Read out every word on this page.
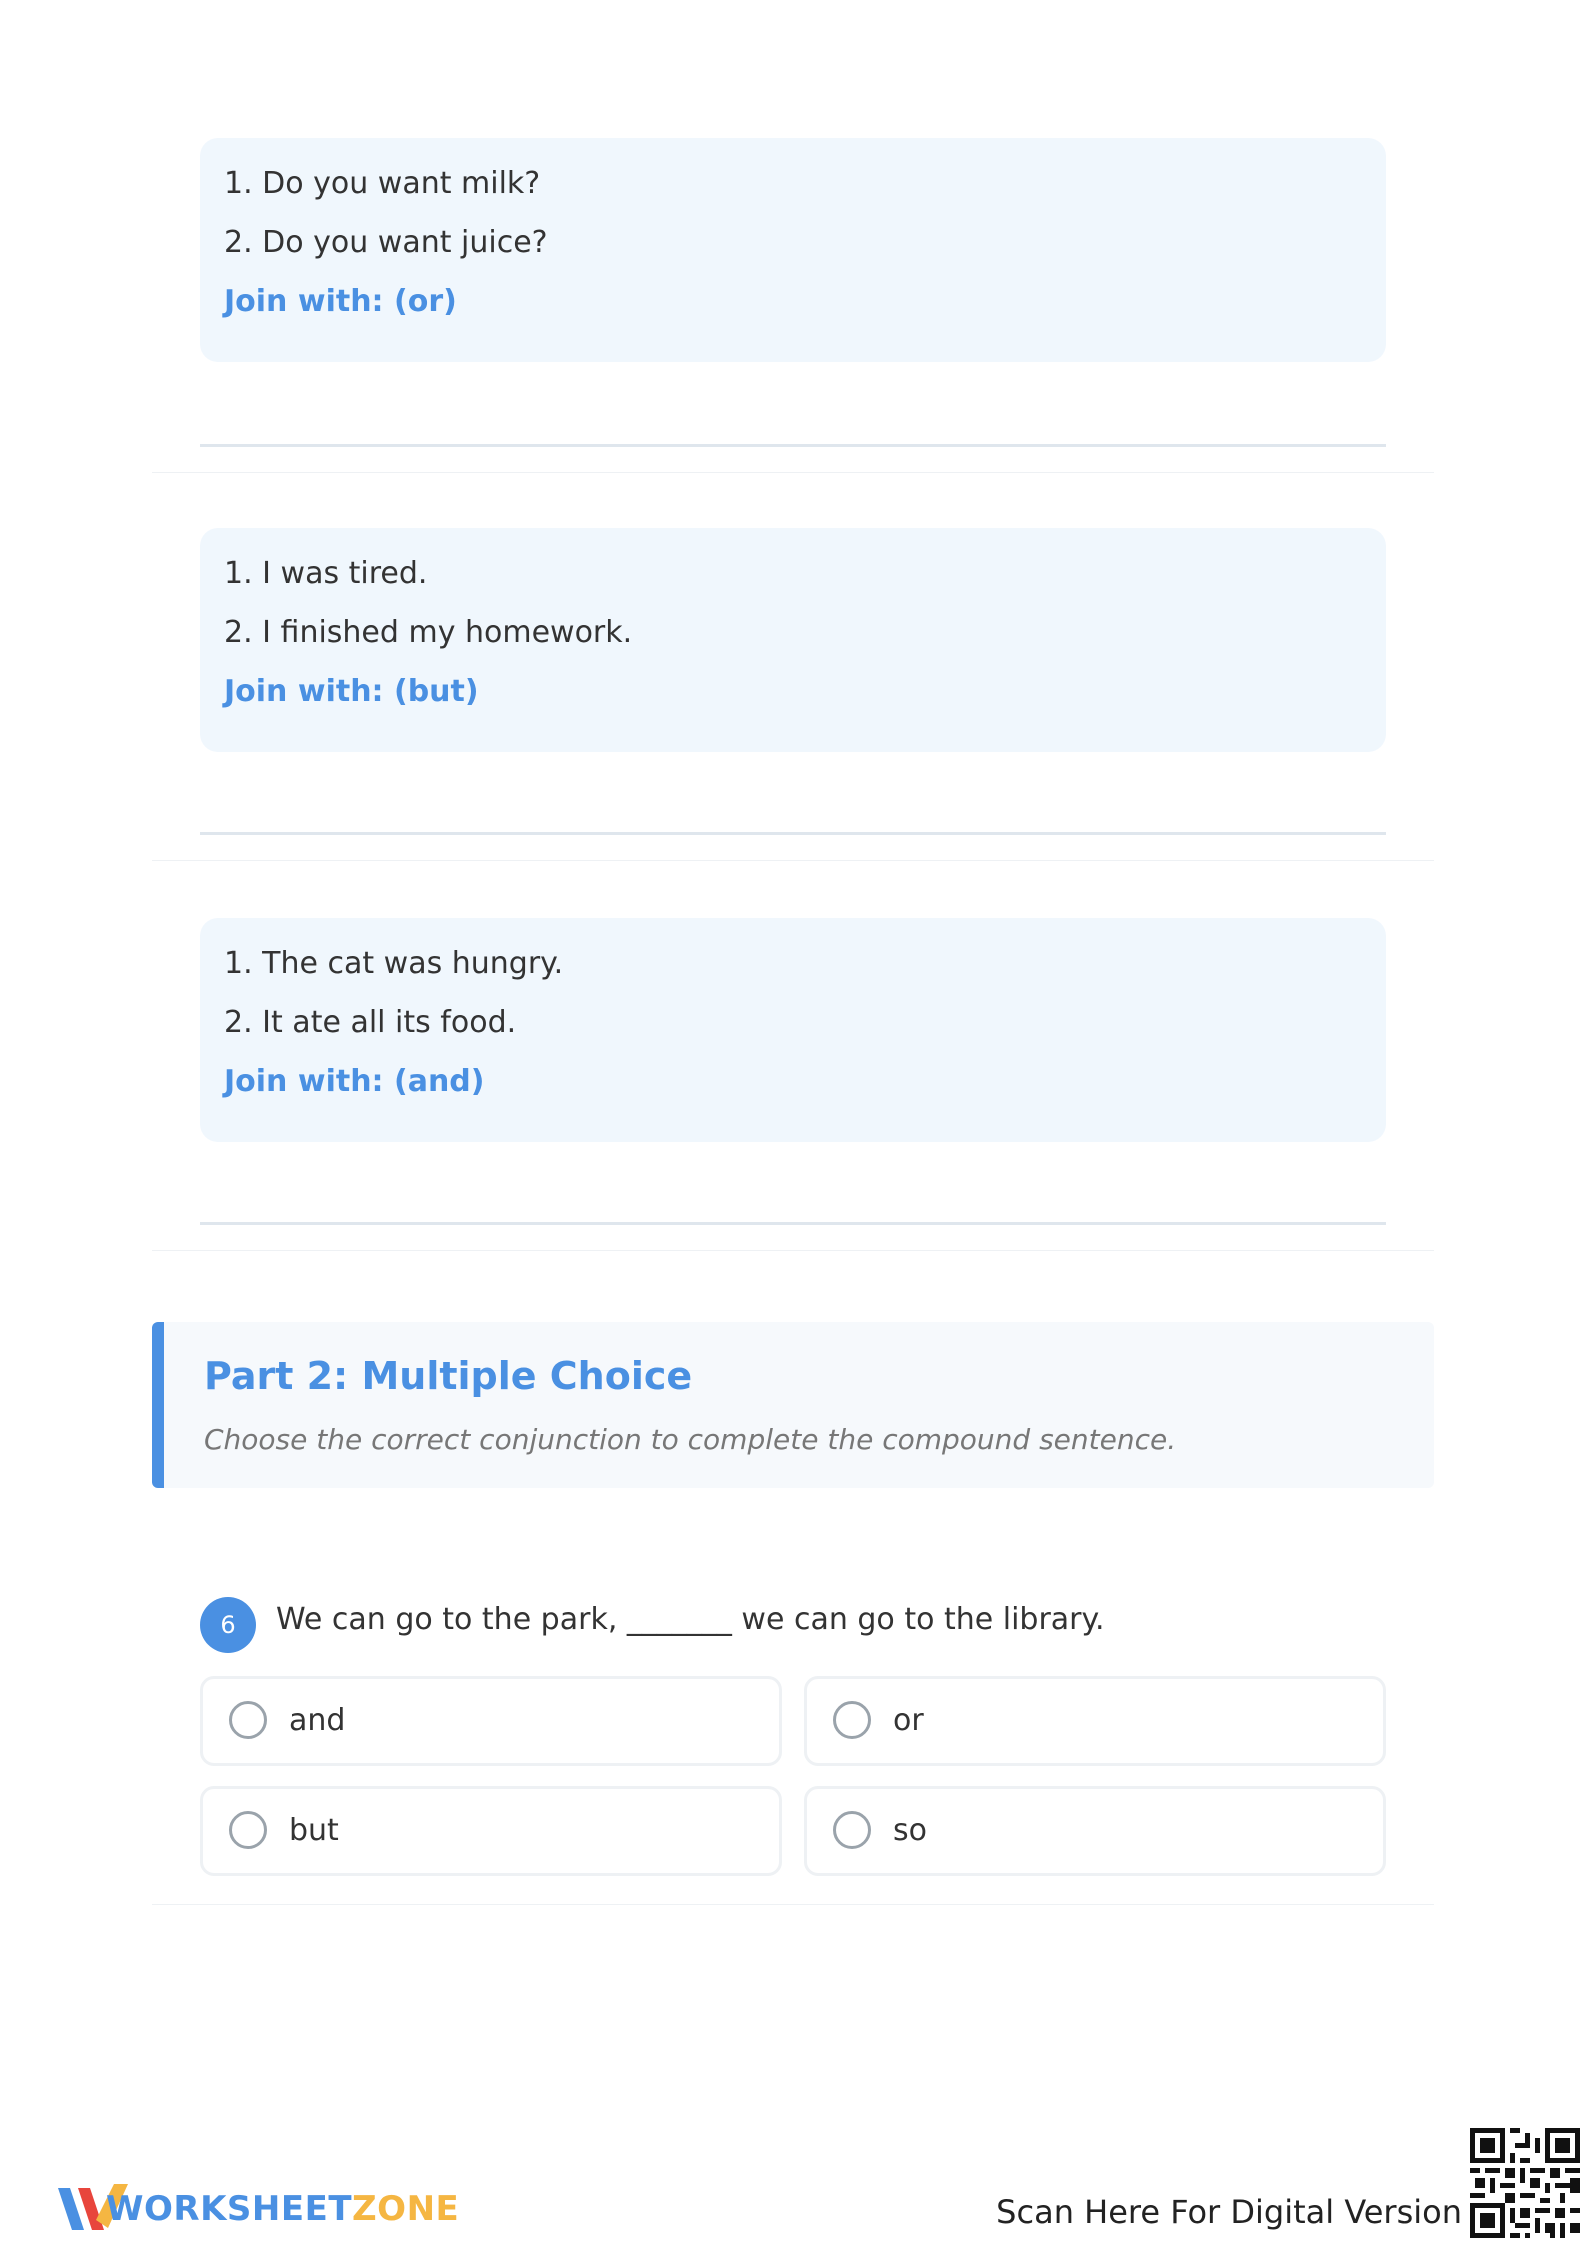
1. Do you want milk?

2. Do you want juice?

Join with: (or)

1. I was tired.

2. I finished my homework.

Join with: (but)

1. The cat was hungry.

2. It ate all its food.

Join with: (and)

Part 2: Multiple Choice

Choose the correct conjunction to complete the compound sentence.

6	We can go to the park, _______ we can go to the library.
and	or
but	so
WORKSHEETZONE	Scan Here For Digital Version
